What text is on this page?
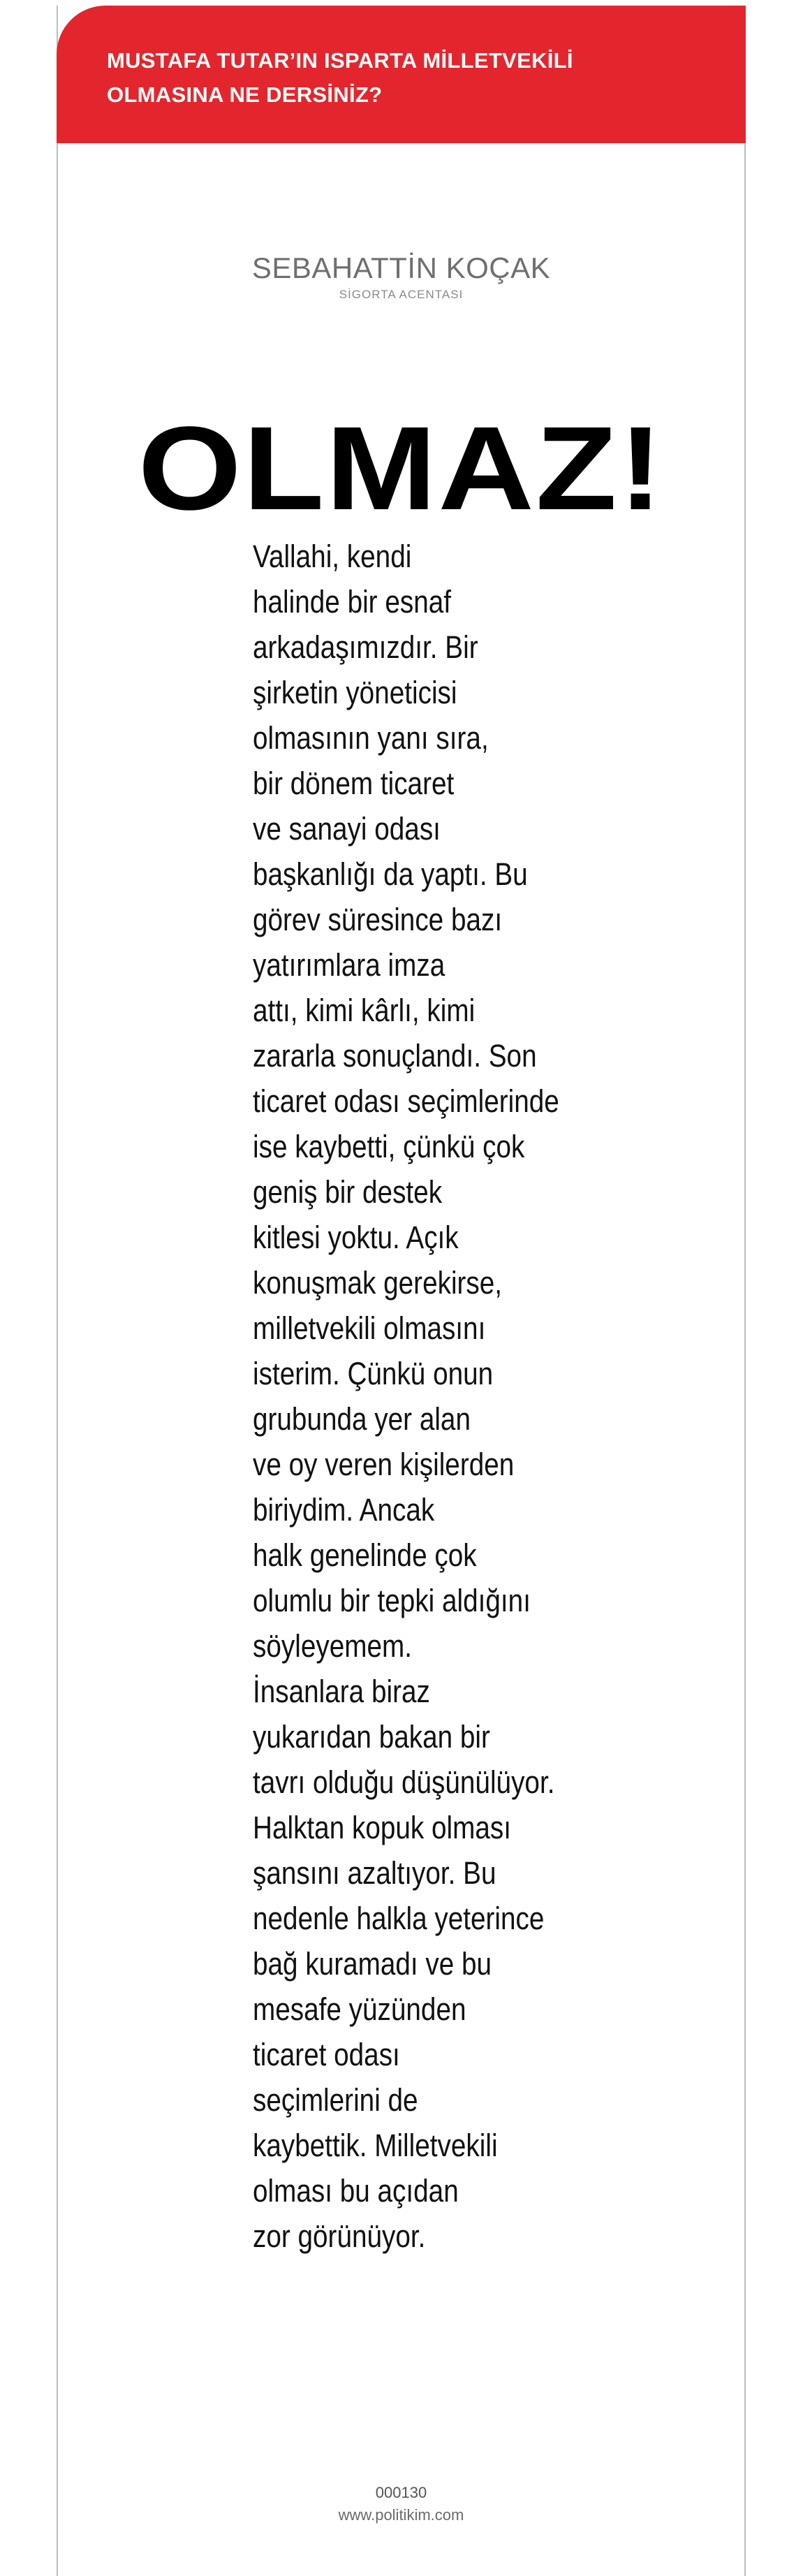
MUSTAFA TUTAR’IN ISPARTA MİLLETVEKİLİ
OLMASINA NE DERSİNİZ?
SEBAHATTİN KOÇAK
SİGORTA ACENTASI
OLMAZ!
Vallahi, kendi
halinde bir esnaf
arkadaşımızdır. Bir
şirketin yöneticisi
olmasının yanı sıra,
bir dönem ticaret
ve sanayi odası
başkanlığı da yaptı. Bu
görev süresince bazı
yatırımlara imza
attı, kimi kârlı, kimi
zararla sonuçlandı. Son
ticaret odası seçimlerinde
ise kaybetti, çünkü çok
geniş bir destek
kitlesi yoktu. Açık
konuşmak gerekirse,
milletvekili olmasını
isterim. Çünkü onun
grubunda yer alan
ve oy veren kişilerden
biriydim. Ancak
halk genelinde çok
olumlu bir tepki aldığını
söyleyemem.
İnsanlara biraz
yukarıdan bakan bir
tavrı olduğu düşünülüyor.
Halktan kopuk olması
şansını azaltıyor. Bu
nedenle halkla yeterince
bağ kuramadı ve bu
mesafe yüzünden
ticaret odası
seçimlerini de
kaybettik. Milletvekili
olması bu açıdan
zor görünüyor.
000130
www.politikim.com
